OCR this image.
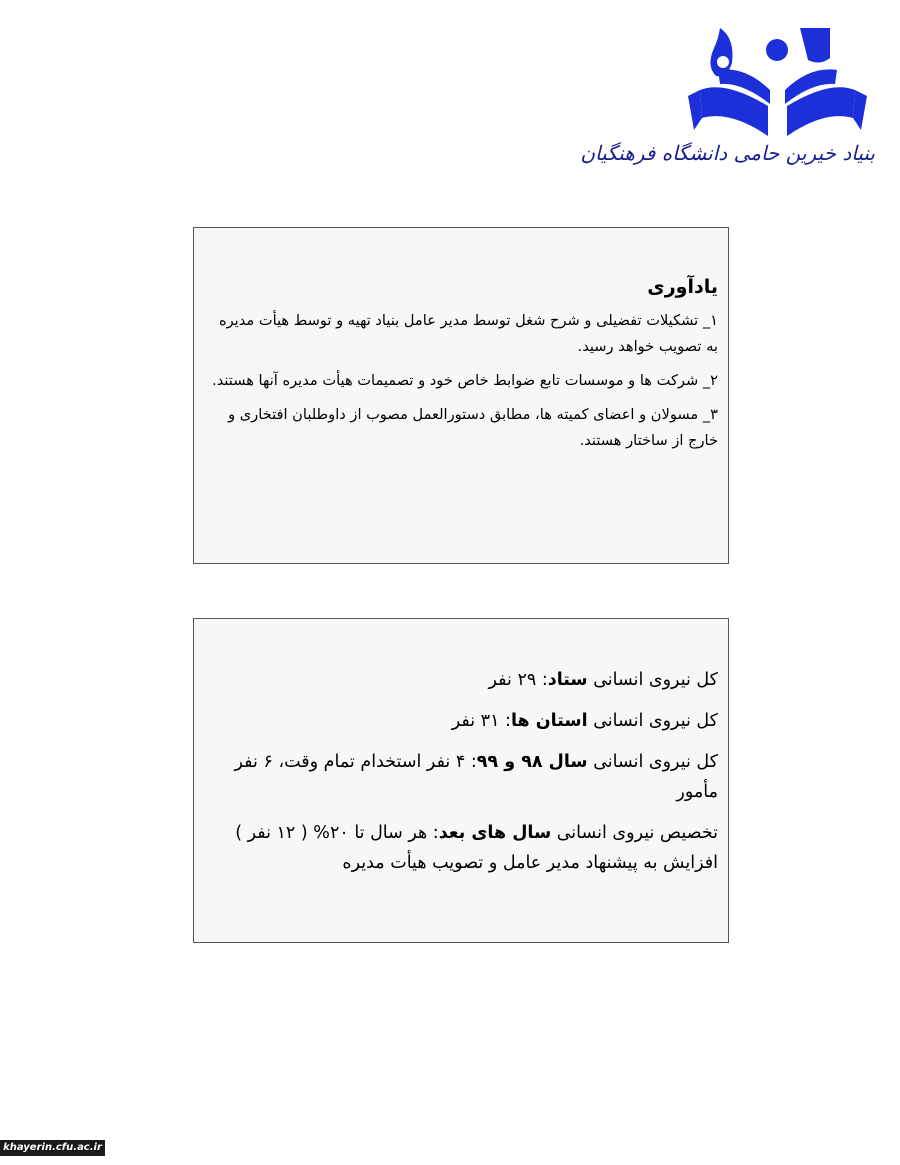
بنیاد خیرین حامی دانشگاه فرهنگیان
یادآوری
۱_ تشکیلات تفضیلی و شرح شغل توسط مدیر عامل بنیاد تهیه و توسط هیأت مدیره به تصویب خواهد رسید.
۲_ شرکت ها و موسسات تابع ضوابط خاص خود و تصمیمات هیأت مدیره آنها هستند.
۳_ مسولان و اعضای کمیته ها، مطابق دستورالعمل مصوب از داوطلبان افتخاری و خارج از ساختار هستند.
کل نیروی انسانی ستاد: ۲۹ نفر
کل نیروی انسانی استان ها: ۳۱ نفر
کل نیروی انسانی سال ۹۸ و ۹۹: ۴ نفر استخدام تمام وقت، ۶ نفر مأمور
تخصیص نیروی انسانی سال های بعد: هر سال تا ۲۰% ( ۱۲ نفر ) افزایش به پیشنهاد مدیر عامل و تصویب هیأت مدیره
khayerin.cfu.ac.ir
